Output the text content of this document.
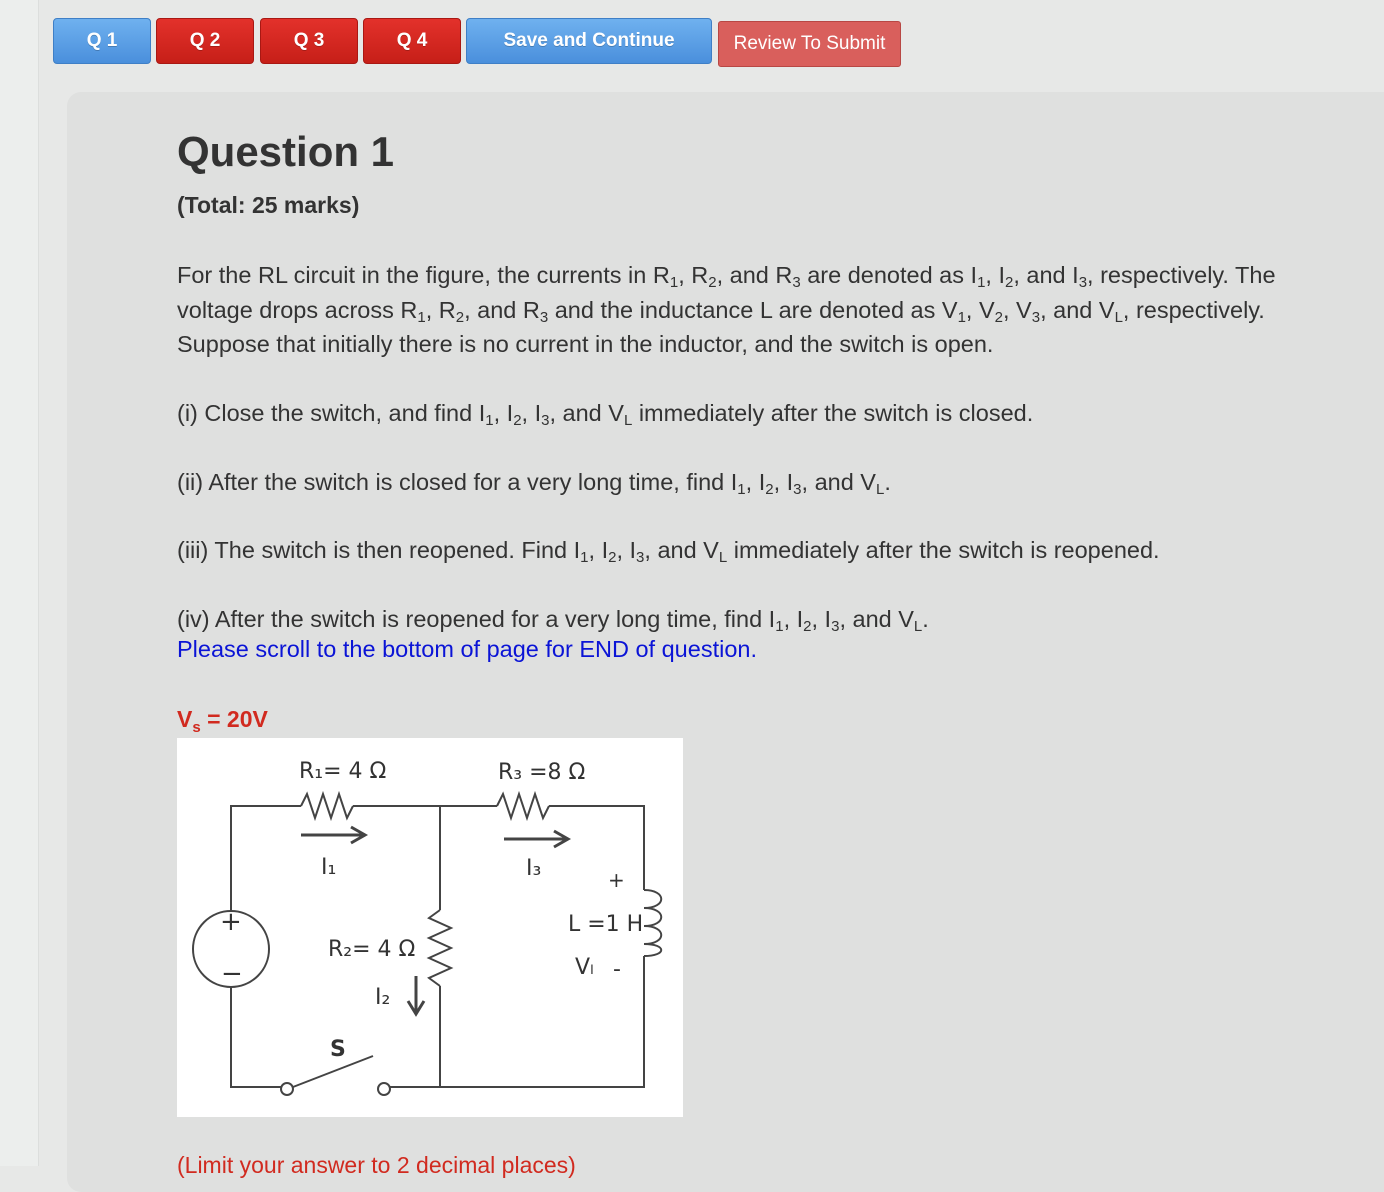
Q 1	Q 2	Q 3	Q 4	Save and Continue	Review To Submit
Question 1
(Total: 25 marks)

For the RL circuit in the figure, the currents in $R_1$, $R_2$, and $R_3$ are denoted as $I_1$, $I_2$, and $I_3$, respectively. The voltage drops across $R_1$, $R_2$, and $R_3$ and the inductance L are denoted as $V_1$, $V_2$, $V_3$, and $V_L$, respectively. Suppose that initially there is no current in the inductor, and the switch is open.

(i) Close the switch, and find $I_1$, $I_2$, $I_3$, and $V_L$ immediately after the switch is closed.

(ii) After the switch is closed for a very long time, find $I_1$, $I_2$, $I_3$, and $V_L$.

(iii) The switch is then reopened. Find $I_1$, $I_2$, $I_3$, and $V_L$ immediately after the switch is reopened.

(iv) After the switch is reopened for a very long time, find $I_1$, $I_2$, $I_3$, and $V_L$.

Please scroll to the bottom of page for END of question.
$V_s = 20V$
R₁= 4 Ω	R₃ =8 Ω
I₁	I₃	+
L =1 H
Vₗ -
R₂= 4 Ω
I₂
S
+
−
(Limit your answer to 2 decimal places)
